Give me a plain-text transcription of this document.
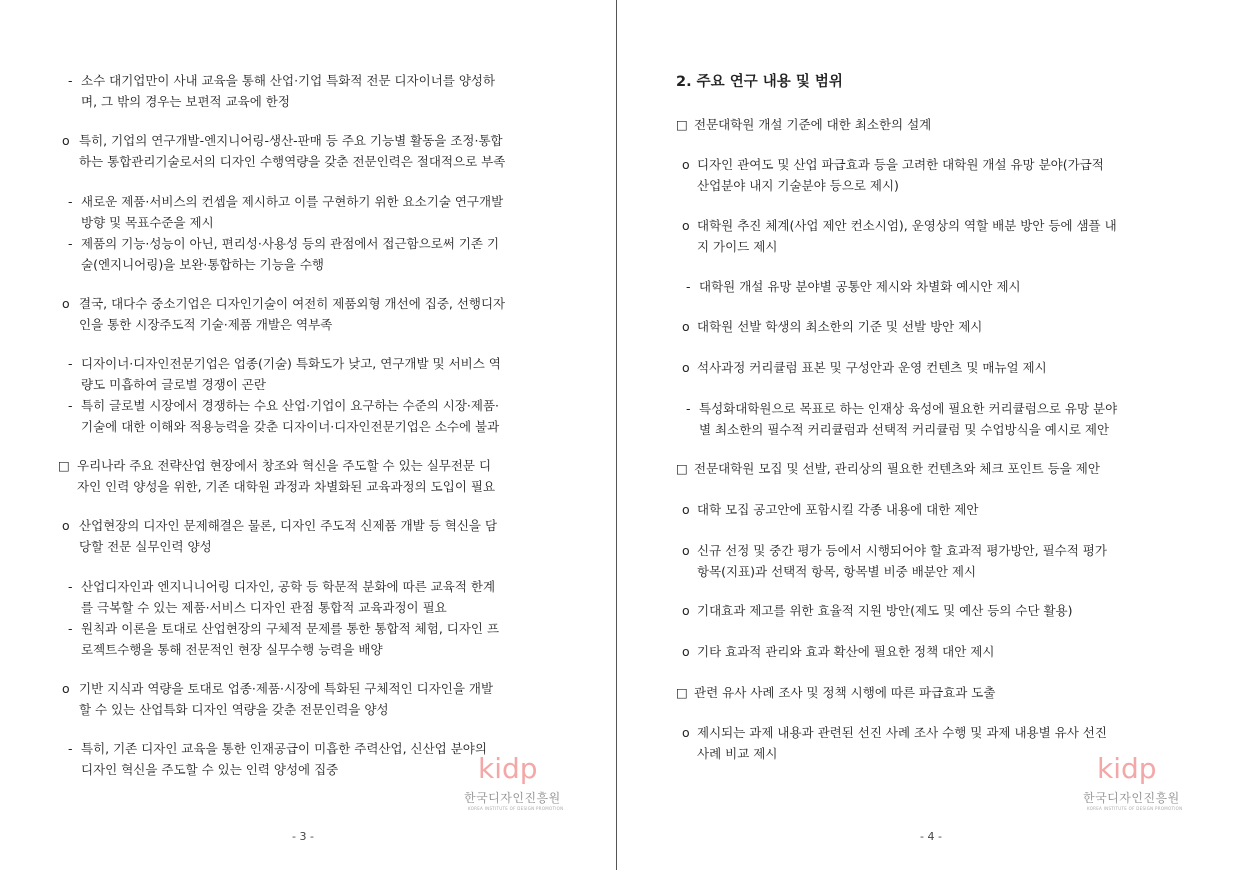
- 소수 대기업만이 사내 교육을 통해 산업·기업 특화적 전문 디자이너를 양성하
며, 그 밖의 경우는 보편적 교육에 한정
o 특히, 기업의 연구개발-엔지니어링-생산-판매 등 주요 기능별 활동을 조정·통합
하는 통합관리기술로서의 디자인 수행역량을 갖춘 전문인력은 절대적으로 부족
- 새로운 제품·서비스의 컨셉을 제시하고 이를 구현하기 위한 요소기술 연구개발
방향 및 목표수준을 제시
- 제품의 기능·성능이 아닌, 편리성·사용성 등의 관점에서 접근함으로써 기존 기
술(엔지니어링)을 보완·통합하는 기능을 수행
o 결국, 대다수 중소기업은 디자인기술이 여전히 제품외형 개선에 집중, 선행디자
인을 통한 시장주도적 기술·제품 개발은 역부족
- 디자이너·디자인전문기업은 업종(기술) 특화도가 낮고, 연구개발 및 서비스 역
량도 미흡하여 글로벌 경쟁이 곤란
- 특히 글로벌 시장에서 경쟁하는 수요 산업·기업이 요구하는 수준의 시장·제품·
기술에 대한 이해와 적용능력을 갖춘 디자이너·디자인전문기업은 소수에 불과
□ 우리나라 주요 전략산업 현장에서 창조와 혁신을 주도할 수 있는 실무전문 디
자인 인력 양성을 위한, 기존 대학원 과정과 차별화된 교육과정의 도입이 필요
o 산업현장의 디자인 문제해결은 물론, 디자인 주도적 신제품 개발 등 혁신을 담
당할 전문 실무인력 양성
- 산업디자인과 엔지니니어링 디자인, 공학 등 학문적 분화에 따른 교육적 한계
를 극복할 수 있는 제품·서비스 디자인 관점 통합적 교육과정이 필요
- 원칙과 이론을 토대로 산업현장의 구체적 문제를 통한 통합적 체험, 디자인 프
로젝트수행을 통해 전문적인 현장 실무수행 능력을 배양
o 기반 지식과 역량을 토대로 업종·제품·시장에 특화된 구체적인 디자인을 개발
할 수 있는 산업특화 디자인 역량을 갖춘 전문인력을 양성
- 특히, 기존 디자인 교육을 통한 인재공급이 미흡한 주력산업, 신산업 분야의
디자인 혁신을 주도할 수 있는 인력 양성에 집중	kidp
한국디자인진흥원
KOREA INSTITUTE OF DESIGN PROMOTION
- 3 -
2. 주요 연구 내용 및 범위
□ 전문대학원 개설 기준에 대한 최소한의 설계
o 디자인 관여도 및 산업 파급효과 등을 고려한 대학원 개설 유망 분야(가급적
산업분야 내지 기술분야 등으로 제시)
o 대학원 추진 체계(사업 제안 컨소시엄), 운영상의 역할 배분 방안 등에 샘플 내
지 가이드 제시
- 대학원 개설 유망 분야별 공통안 제시와 차별화 예시안 제시
o 대학원 선발 학생의 최소한의 기준 및 선발 방안 제시
o 석사과정 커리큘럼 표본 및 구성안과 운영 컨텐츠 및 매뉴얼 제시
- 특성화대학원으로 목표로 하는 인재상 육성에 필요한 커리큘럼으로 유망 분야
별 최소한의 필수적 커리큘럼과 선택적 커리큘럼 및 수업방식을 예시로 제안
□ 전문대학원 모집 및 선발, 관리상의 필요한 컨텐츠와 체크 포인트 등을 제안
o 대학 모집 공고안에 포함시킬 각종 내용에 대한 제안
o 신규 선정 및 중간 평가 등에서 시행되어야 할 효과적 평가방안, 필수적 평가
항목(지표)과 선택적 항목, 항목별 비중 배분안 제시
o 기대효과 제고를 위한 효율적 지원 방안(제도 및 예산 등의 수단 활용)
o 기타 효과적 관리와 효과 확산에 필요한 정책 대안 제시
□ 관련 유사 사례 조사 및 정책 시행에 따른 파급효과 도출
o 제시되는 과제 내용과 관련된 선진 사례 조사 수행 및 과제 내용별 유사 선진
사례 비교 제시	kidp
한국디자인진흥원
KOREA INSTITUTE OF DESIGN PROMOTION
- 4 -
